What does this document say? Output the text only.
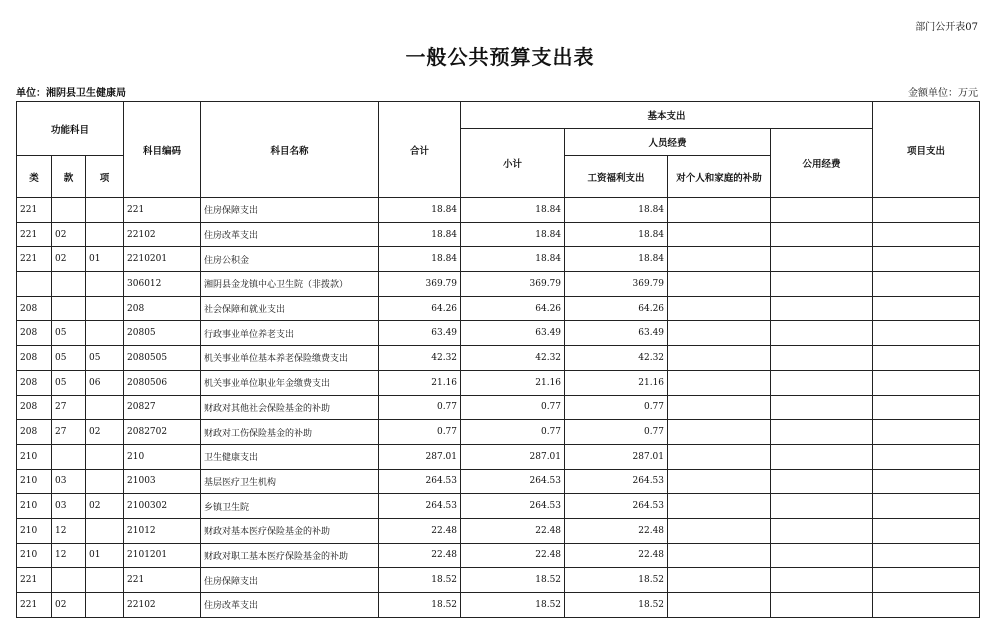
部门公开表07
一般公共预算支出表
单位：湘阴县卫生健康局	金额单位：万元
功能科目			科目编码	科目名称	合计	基本支出				项目支出
						小计	人员经费		公用经费	
类	款	项					工资福利支出	对个人和家庭的补助		
221			221	住房保障支出	18.84	18.84	18.84			
221	02		22102	住房改革支出	18.84	18.84	18.84			
221	02	01	2210201	住房公积金	18.84	18.84	18.84			
			306012	湘阴县金龙镇中心卫生院（非拨款）	369.79	369.79	369.79			
208			208	社会保障和就业支出	64.26	64.26	64.26			
208	05		20805	行政事业单位养老支出	63.49	63.49	63.49			
208	05	05	2080505	机关事业单位基本养老保险缴费支出	42.32	42.32	42.32			
208	05	06	2080506	机关事业单位职业年金缴费支出	21.16	21.16	21.16			
208	27		20827	财政对其他社会保险基金的补助	0.77	0.77	0.77			
208	27	02	2082702	财政对工伤保险基金的补助	0.77	0.77	0.77			
210			210	卫生健康支出	287.01	287.01	287.01			
210	03		21003	基层医疗卫生机构	264.53	264.53	264.53			
210	03	02	2100302	乡镇卫生院	264.53	264.53	264.53			
210	12		21012	财政对基本医疗保险基金的补助	22.48	22.48	22.48			
210	12	01	2101201	财政对职工基本医疗保险基金的补助	22.48	22.48	22.48			
221			221	住房保障支出	18.52	18.52	18.52			
221	02		22102	住房改革支出	18.52	18.52	18.52			
